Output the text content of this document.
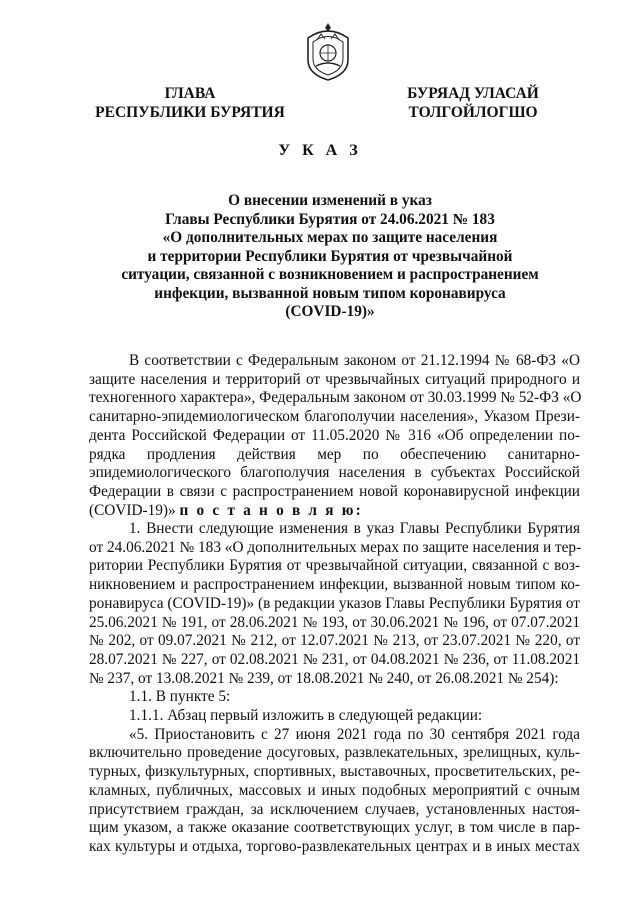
ГЛАВА
РЕСПУБЛИКИ БУРЯТИЯ
БУРЯАД УЛАСАЙ
ТОЛГОЙЛОГШО
У К А З
О внесении изменений в указ
Главы Республики Бурятия от 24.06.2021 № 183
«О дополнительных мерах по защите населения
и территории Республики Бурятия от чрезвычайной
ситуации, связанной с возникновением и распространением
инфекции, вызванной новым типом коронавируса
(COVID-19)»
В соответствии с Федеральным законом от 21.12.1994 № 68-ФЗ «О
защите населения и территорий от чрезвычайных ситуаций природного и
техногенного характера», Федеральным законом от 30.03.1999 № 52-ФЗ «О
санитарно-эпидемиологическом благополучии населения», Указом Прези-
дента Российской Федерации от 11.05.2020 № 316 «Об определении по-
рядка продления действия мер по обеспечению санитарно-
эпидемиологического благополучия населения в субъектах Российской
Федерации в связи с распространением новой коронавирусной инфекции
(COVID-19)» п о с т а н о в л я ю:
1. Внести следующие изменения в указ Главы Республики Бурятия
от 24.06.2021 № 183 «О дополнительных мерах по защите населения и тер-
ритории Республики Бурятия от чрезвычайной ситуации, связанной с воз-
никновением и распространением инфекции, вызванной новым типом ко-
ронавируса (COVID-19)» (в редакции указов Главы Республики Бурятия от
25.06.2021 № 191, от 28.06.2021 № 193, от 30.06.2021 № 196, от 07.07.2021
№ 202, от 09.07.2021 № 212, от 12.07.2021 № 213, от 23.07.2021 № 220, от
28.07.2021 № 227, от 02.08.2021 № 231, от 04.08.2021 № 236, от 11.08.2021
№ 237, от 13.08.2021 № 239, от 18.08.2021 № 240, от 26.08.2021 № 254):
1.1. В пункте 5:
1.1.1. Абзац первый изложить в следующей редакции:
«5. Приостановить с 27 июня 2021 года по 30 сентября 2021 года
включительно проведение досуговых, развлекательных, зрелищных, куль-
турных, физкультурных, спортивных, выставочных, просветительских, ре-
кламных, публичных, массовых и иных подобных мероприятий с очным
присутствием граждан, за исключением случаев, установленных настоя-
щим указом, а также оказание соответствующих услуг, в том числе в пар-
ках культуры и отдыха, торгово-развлекательных центрах и в иных местах
